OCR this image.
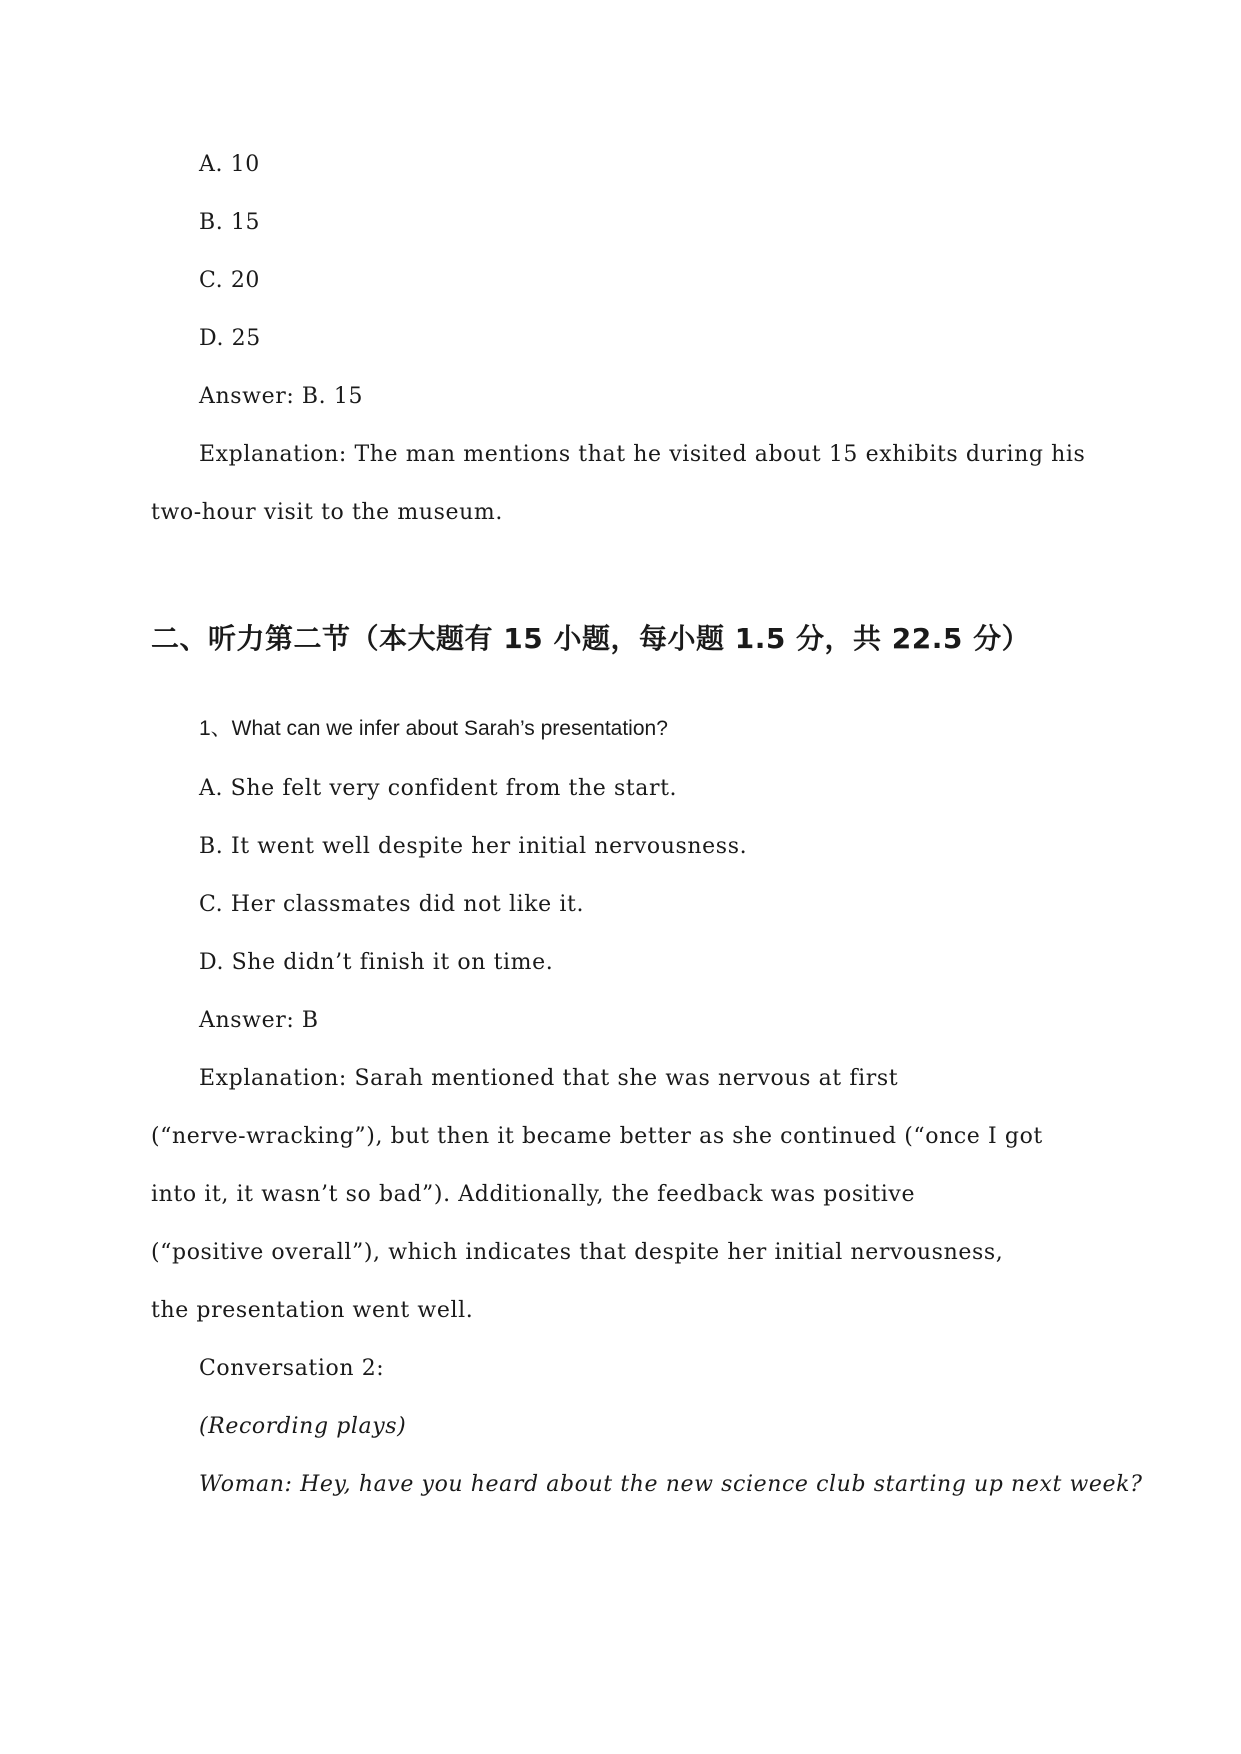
A. 10
B. 15
C. 20
D. 25
Answer: B. 15
Explanation: The man mentions that he visited about 15 exhibits during his
two-hour visit to the museum.
二、听力第二节（本大题有 15 小题，每小题 1.5 分，共 22.5 分）
1、What can we infer about Sarah’s presentation?
A. She felt very confident from the start.
B. It went well despite her initial nervousness.
C. Her classmates did not like it.
D. She didn’t finish it on time.
Answer: B
Explanation: Sarah mentioned that she was nervous at first
(“nerve-wracking”), but then it became better as she continued (“once I got
into it, it wasn’t so bad”). Additionally, the feedback was positive
(“positive overall”), which indicates that despite her initial nervousness,
the presentation went well.
Conversation 2:
(Recording plays)
Woman: Hey, have you heard about the new science club starting up next week?
